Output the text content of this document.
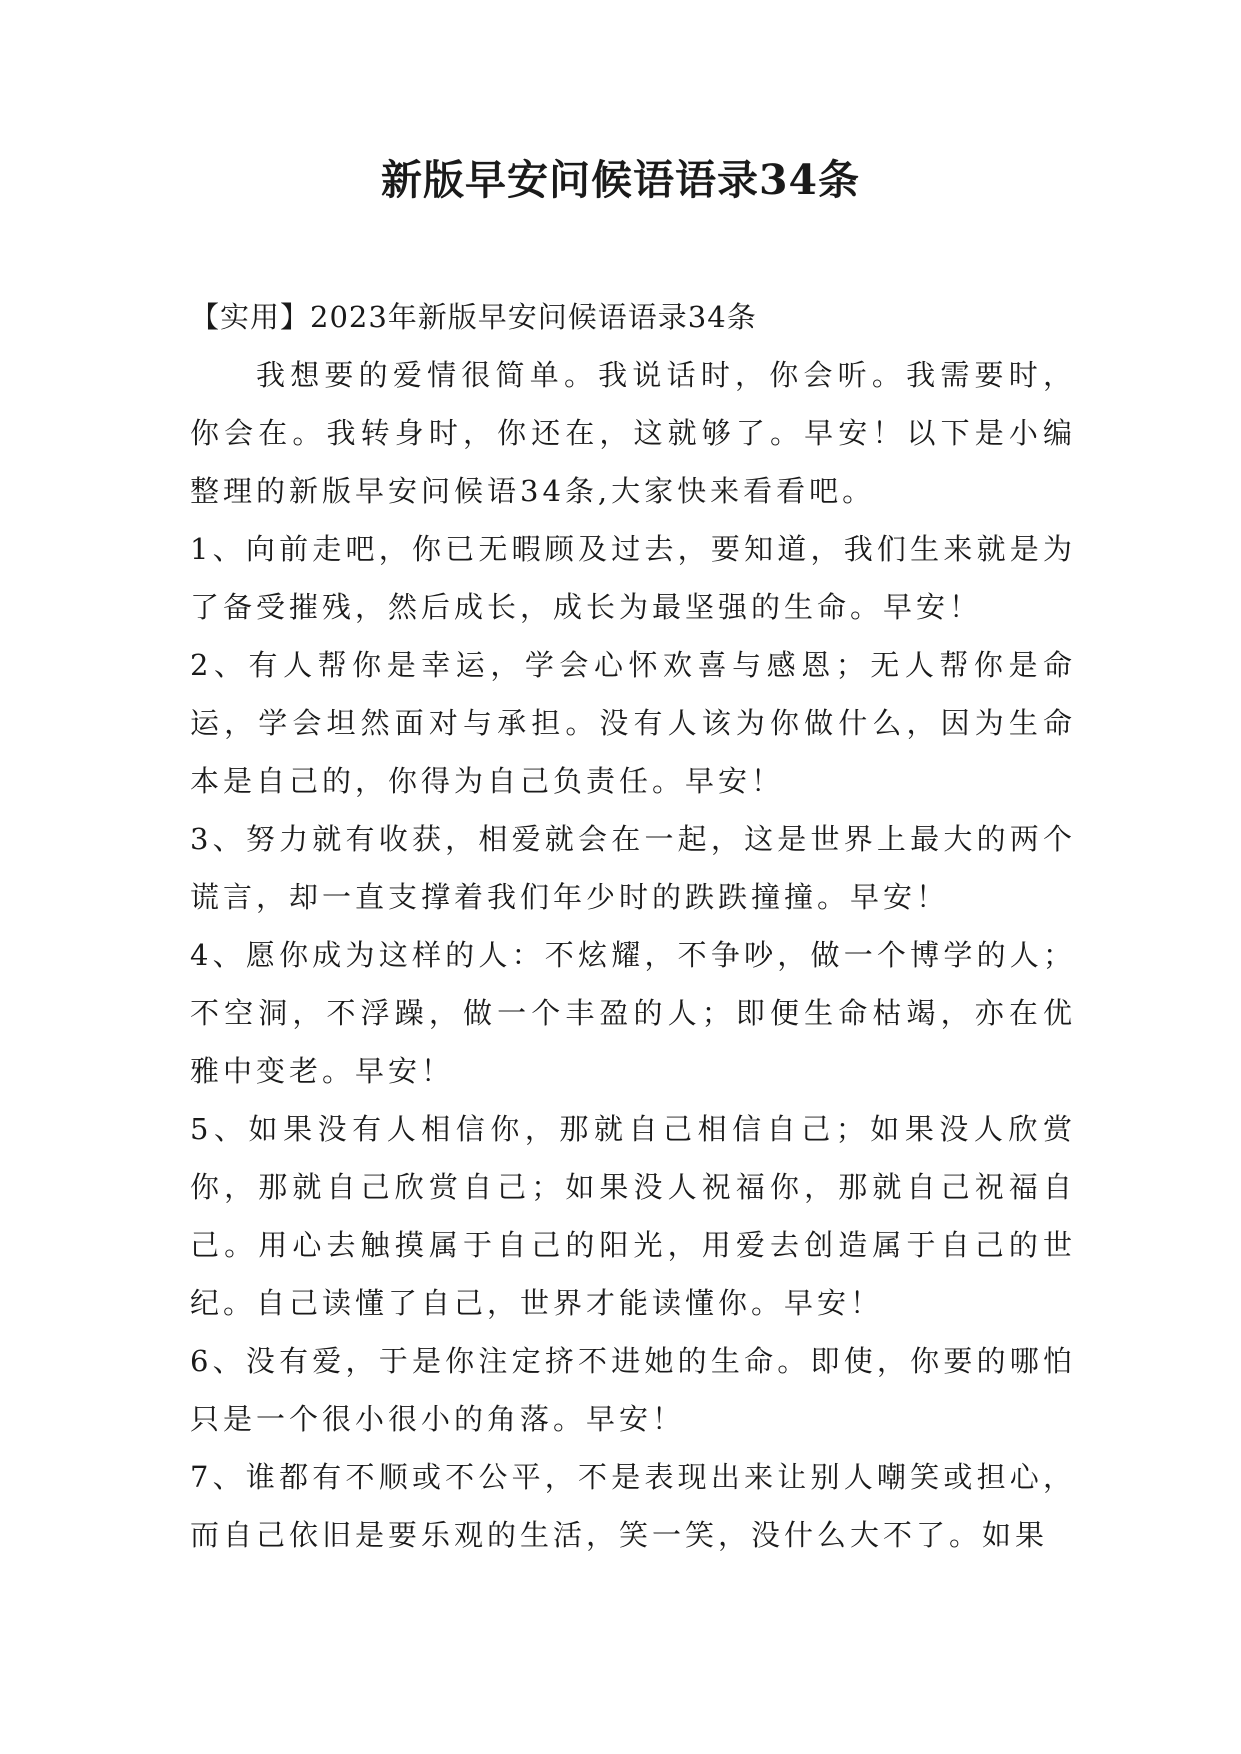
新版早安问候语语录34条

【实用】2023年新版早安问候语语录34条

我想要的爱情很简单。我说话时，你会听。我需要时，你会在。我转身时，你还在，这就够了。早安！以下是小编整理的新版早安问候语34条,大家快来看看吧。

1、向前走吧，你已无暇顾及过去，要知道，我们生来就是为了备受摧残，然后成长，成长为最坚强的生命。早安！

2、有人帮你是幸运，学会心怀欢喜与感恩；无人帮你是命运，学会坦然面对与承担。没有人该为你做什么，因为生命本是自己的，你得为自己负责任。早安！

3、努力就有收获，相爱就会在一起，这是世界上最大的两个谎言，却一直支撑着我们年少时的跌跌撞撞。早安！

4、愿你成为这样的人：不炫耀，不争吵，做一个博学的人；不空洞，不浮躁，做一个丰盈的人；即便生命枯竭，亦在优雅中变老。早安！

5、如果没有人相信你，那就自己相信自己；如果没人欣赏你，那就自己欣赏自己；如果没人祝福你，那就自己祝福自己。用心去触摸属于自己的阳光，用爱去创造属于自己的世纪。自己读懂了自己，世界才能读懂你。早安！

6、没有爱，于是你注定挤不进她的生命。即使，你要的哪怕只是一个很小很小的角落。早安！

7、谁都有不顺或不公平，不是表现出来让别人嘲笑或担心，而自己依旧是要乐观的生活，笑一笑，没什么大不了。如果
